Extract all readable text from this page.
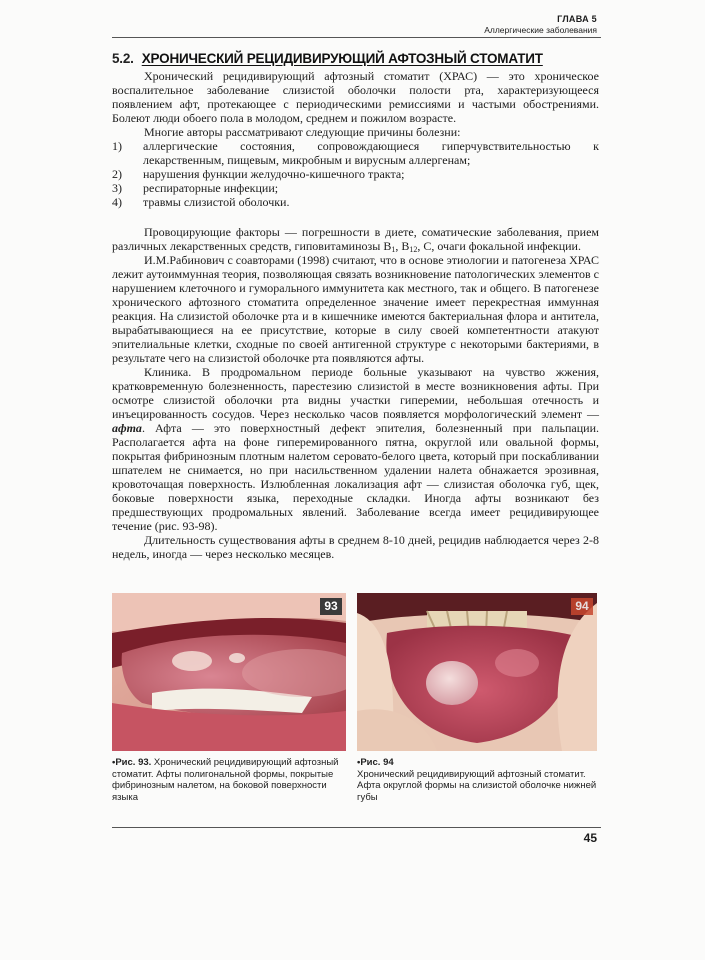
ГЛАВА 5
Аллергические заболевания
5.2. ХРОНИЧЕСКИЙ РЕЦИДИВИРУЮЩИЙ АФТОЗНЫЙ СТОМАТИТ

Хронический рецидивирующий афтозный стоматит (ХРАС) — это хроническое воспалительное заболевание слизистой оболочки полости рта, характеризующееся появлением афт, протекающее с периодическими ремиссиями и частыми обострениями. Болеют люди обоего пола в молодом, среднем и пожилом возрасте.

Многие авторы рассматривают следующие причины болезни:

1)	аллергические состояния, сопровождающиеся гиперчувствительностью к лекарственным, пищевым, микробным и вирусным аллергенам;
2)	нарушения функции желудочно-кишечного тракта;
3)	респираторные инфекции;
4)	травмы слизистой оболочки.

Провоцирующие факторы — погрешности в диете, соматические заболевания, прием различных лекарственных средств, гиповитаминозы $B_1$, $B_{12}$, C, очаги фокальной инфекции.

И.М.Рабинович с соавторами (1998) считают, что в основе этиологии и патогенеза ХРАС лежит аутоиммунная теория, позволяющая связать возникновение патологических элементов с нарушением клеточного и гуморального иммунитета как местного, так и общего. В патогенезе хронического афтозного стоматита определенное значение имеет перекрестная иммунная реакция. На слизистой оболочке рта и в кишечнике имеются бактериальная флора и антитела, вырабатывающиеся на ее присутствие, которые в силу своей компетентности атакуют эпителиальные клетки, сходные по своей антигенной структуре с некоторыми бактериями, в результате чего на слизистой оболочке рта появляются афты.

Клиника. В продромальном периоде больные указывают на чувство жжения, кратковременную болезненность, парестезию слизистой в месте возникновения афты. При осмотре слизистой оболочки рта видны участки гиперемии, небольшая отечность и инъецированность сосудов. Через несколько часов появляется морфологический элемент — афта. Афта — это поверхностный дефект эпителия, болезненный при пальпации. Располагается афта на фоне гиперемированного пятна, округлой или овальной формы, покрытая фибринозным плотным налетом серовато-белого цвета, который при поскабливании шпателем не снимается, но при насильственном удалении налета обнажается эрозивная, кровоточащая поверхность. Излюбленная локализация афт — слизистая оболочка губ, щек, боковые поверхности языка, переходные складки. Иногда афты возникают без предшествующих продромальных явлений. Заболевание всегда имеет рецидивирующее течение (рис. 93-98).

Длительность существования афты в среднем 8-10 дней, рецидив наблюдается через 2-8 недель, иногда — через несколько месяцев.

93	94
•Рис. 93. Хронический рецидивирующий афтозный стоматит. Афты полигональной формы, покрытые фибринозным налетом, на боковой поверхности языка
•Рис. 94
Хронический рецидивирующий афтозный стоматит. Афта округлой формы на слизистой оболочке нижней губы
45
